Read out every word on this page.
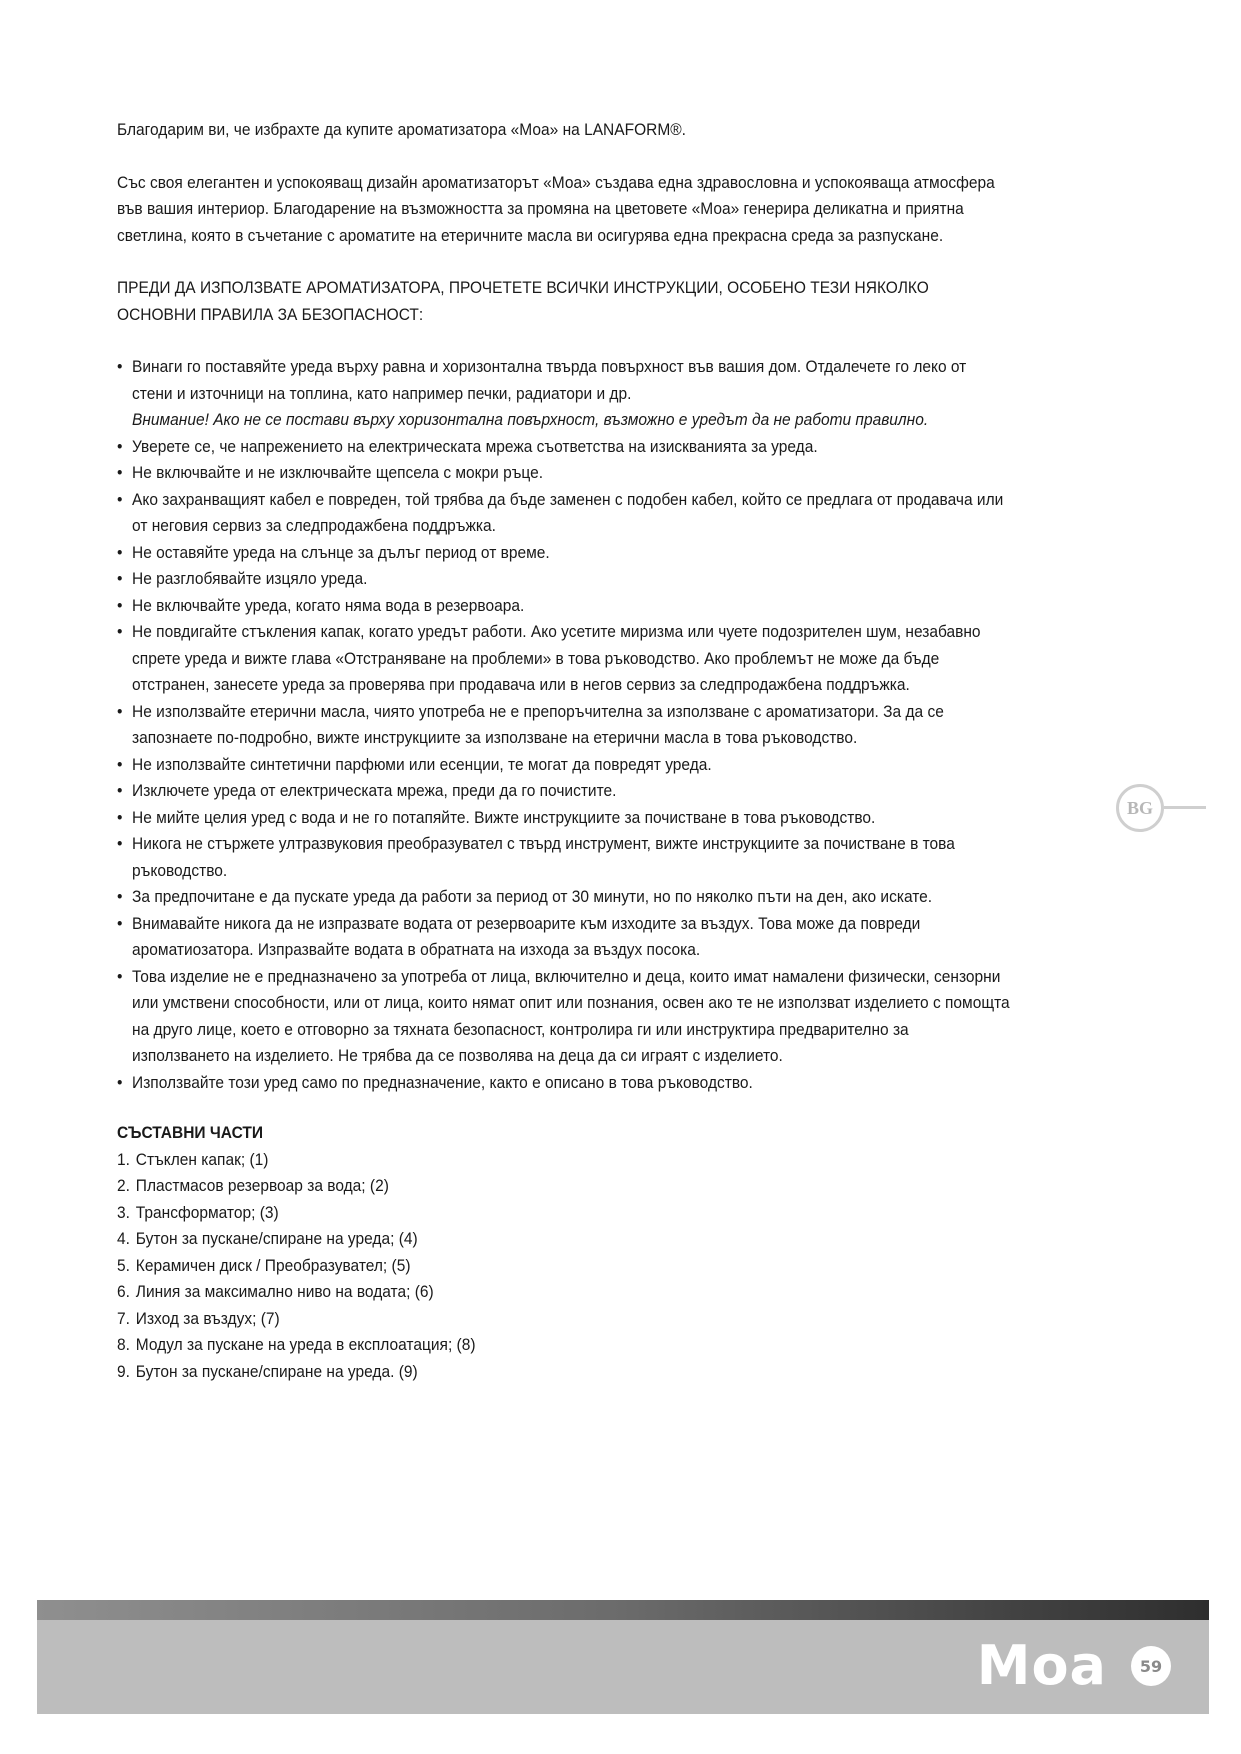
Благодарим ви, че избрахте да купите ароматизатора «Моа» на LANAFORM®.

Със своя елегантен и успокояващ дизайн ароматизаторът «Моа» създава една здравословна и успокояваща атмосфера във вашия интериор. Благодарение на възможността за промяна на цветовете «Моа» генерира деликатна и приятна светлина, която в съчетание с ароматите на етеричните масла ви осигурява една прекрасна среда за разпускане.

ПРЕДИ ДА ИЗПОЛЗВАТЕ АРОМАТИЗАТОРА, ПРОЧЕТЕТЕ ВСИЧКИ ИНСТРУКЦИИ, ОСОБЕНО ТЕЗИ НЯКОЛКО ОСНОВНИ ПРАВИЛА ЗА БЕЗОПАСНОСТ:

• Винаги го поставяйте уреда върху равна и хоризонтална твърда повърхност във вашия дом. Отдалечете го леко от стени и източници на топлина, като например печки, радиатори и др.
Внимание! Ако не се постави върху хоризонтална повърхност, възможно е уредът да не работи правилно.
• Уверете се, че напрежението на електрическата мрежа съответства на изискванията за уреда.
• Не включвайте и не изключвайте щепсела с мокри ръце.
• Ако захранващият кабел е повреден, той трябва да бъде заменен с подобен кабел, който се предлага от продавача или от неговия сервиз за следпродажбена поддръжка.
• Не оставяйте уреда на слънце за дълъг период от време.
• Не разглобявайте изцяло уреда.
• Не включвайте уреда, когато няма вода в резервоара.
• Не повдигайте стъкления капак, когато уредът работи. Ако усетите миризма или чуете подозрителен шум, незабавно спрете уреда и вижте глава «Отстраняване на проблеми» в това ръководство. Ако проблемът не може да бъде отстранен, занесете уреда за проверява при продавача или в негов сервиз за следпродажбена поддръжка.
• Не използвайте етерични масла, чиято употреба не е препоръчителна за използване с ароматизатори. За да се запознаете по-подробно, вижте инструкциите за използване на етерични масла в това ръководство.
• Не използвайте синтетични парфюми или есенции, те могат да повредят уреда.
• Изключете уреда от електрическата мрежа, преди да го почистите.
• Не мийте целия уред с вода и не го потапяйте. Вижте инструкциите за почистване в това ръководство.
• Никога не стържете ултразвуковия преобразувател с твърд инструмент, вижте инструкциите за почистване в това ръководство.
• За предпочитане е да пускате уреда да работи за период от 30 минути, но по няколко пъти на ден, ако искате.
• Внимавайте никога да не изпразвате водата от резервоарите към изходите за въздух. Това може да повреди ароматиозатора. Изпразвайте водата в обратната на изхода за въздух посока.
• Това изделие не е предназначено за употреба от лица, включително и деца, които имат намалени физически, сензорни или умствени способности, или от лица, които нямат опит или познания, освен ако те не използват изделието с помощта на друго лице, което е отговорно за тяхната безопасност, контролира ги или инструктира предварително за използването на изделието. Не трябва да се позволява на деца да си играят с изделието.
• Използвайте този уред само по предназначение, както е описано в това ръководство.

СЪСТАВНИ ЧАСТИ

1. Стъклен капак; (1)
2. Пластмасов резервоар за вода; (2)
3. Трансформатор; (3)
4. Бутон за пускане/спиране на уреда; (4)
5. Керамичен диск / Преобразувател; (5)
6. Линия за максимално ниво на водата; (6)
7. Изход за въздух; (7)
8. Модул за пускане на уреда в експлоатация; (8)
9. Бутон за пускане/спиране на уреда. (9)
BG
Moa	59
